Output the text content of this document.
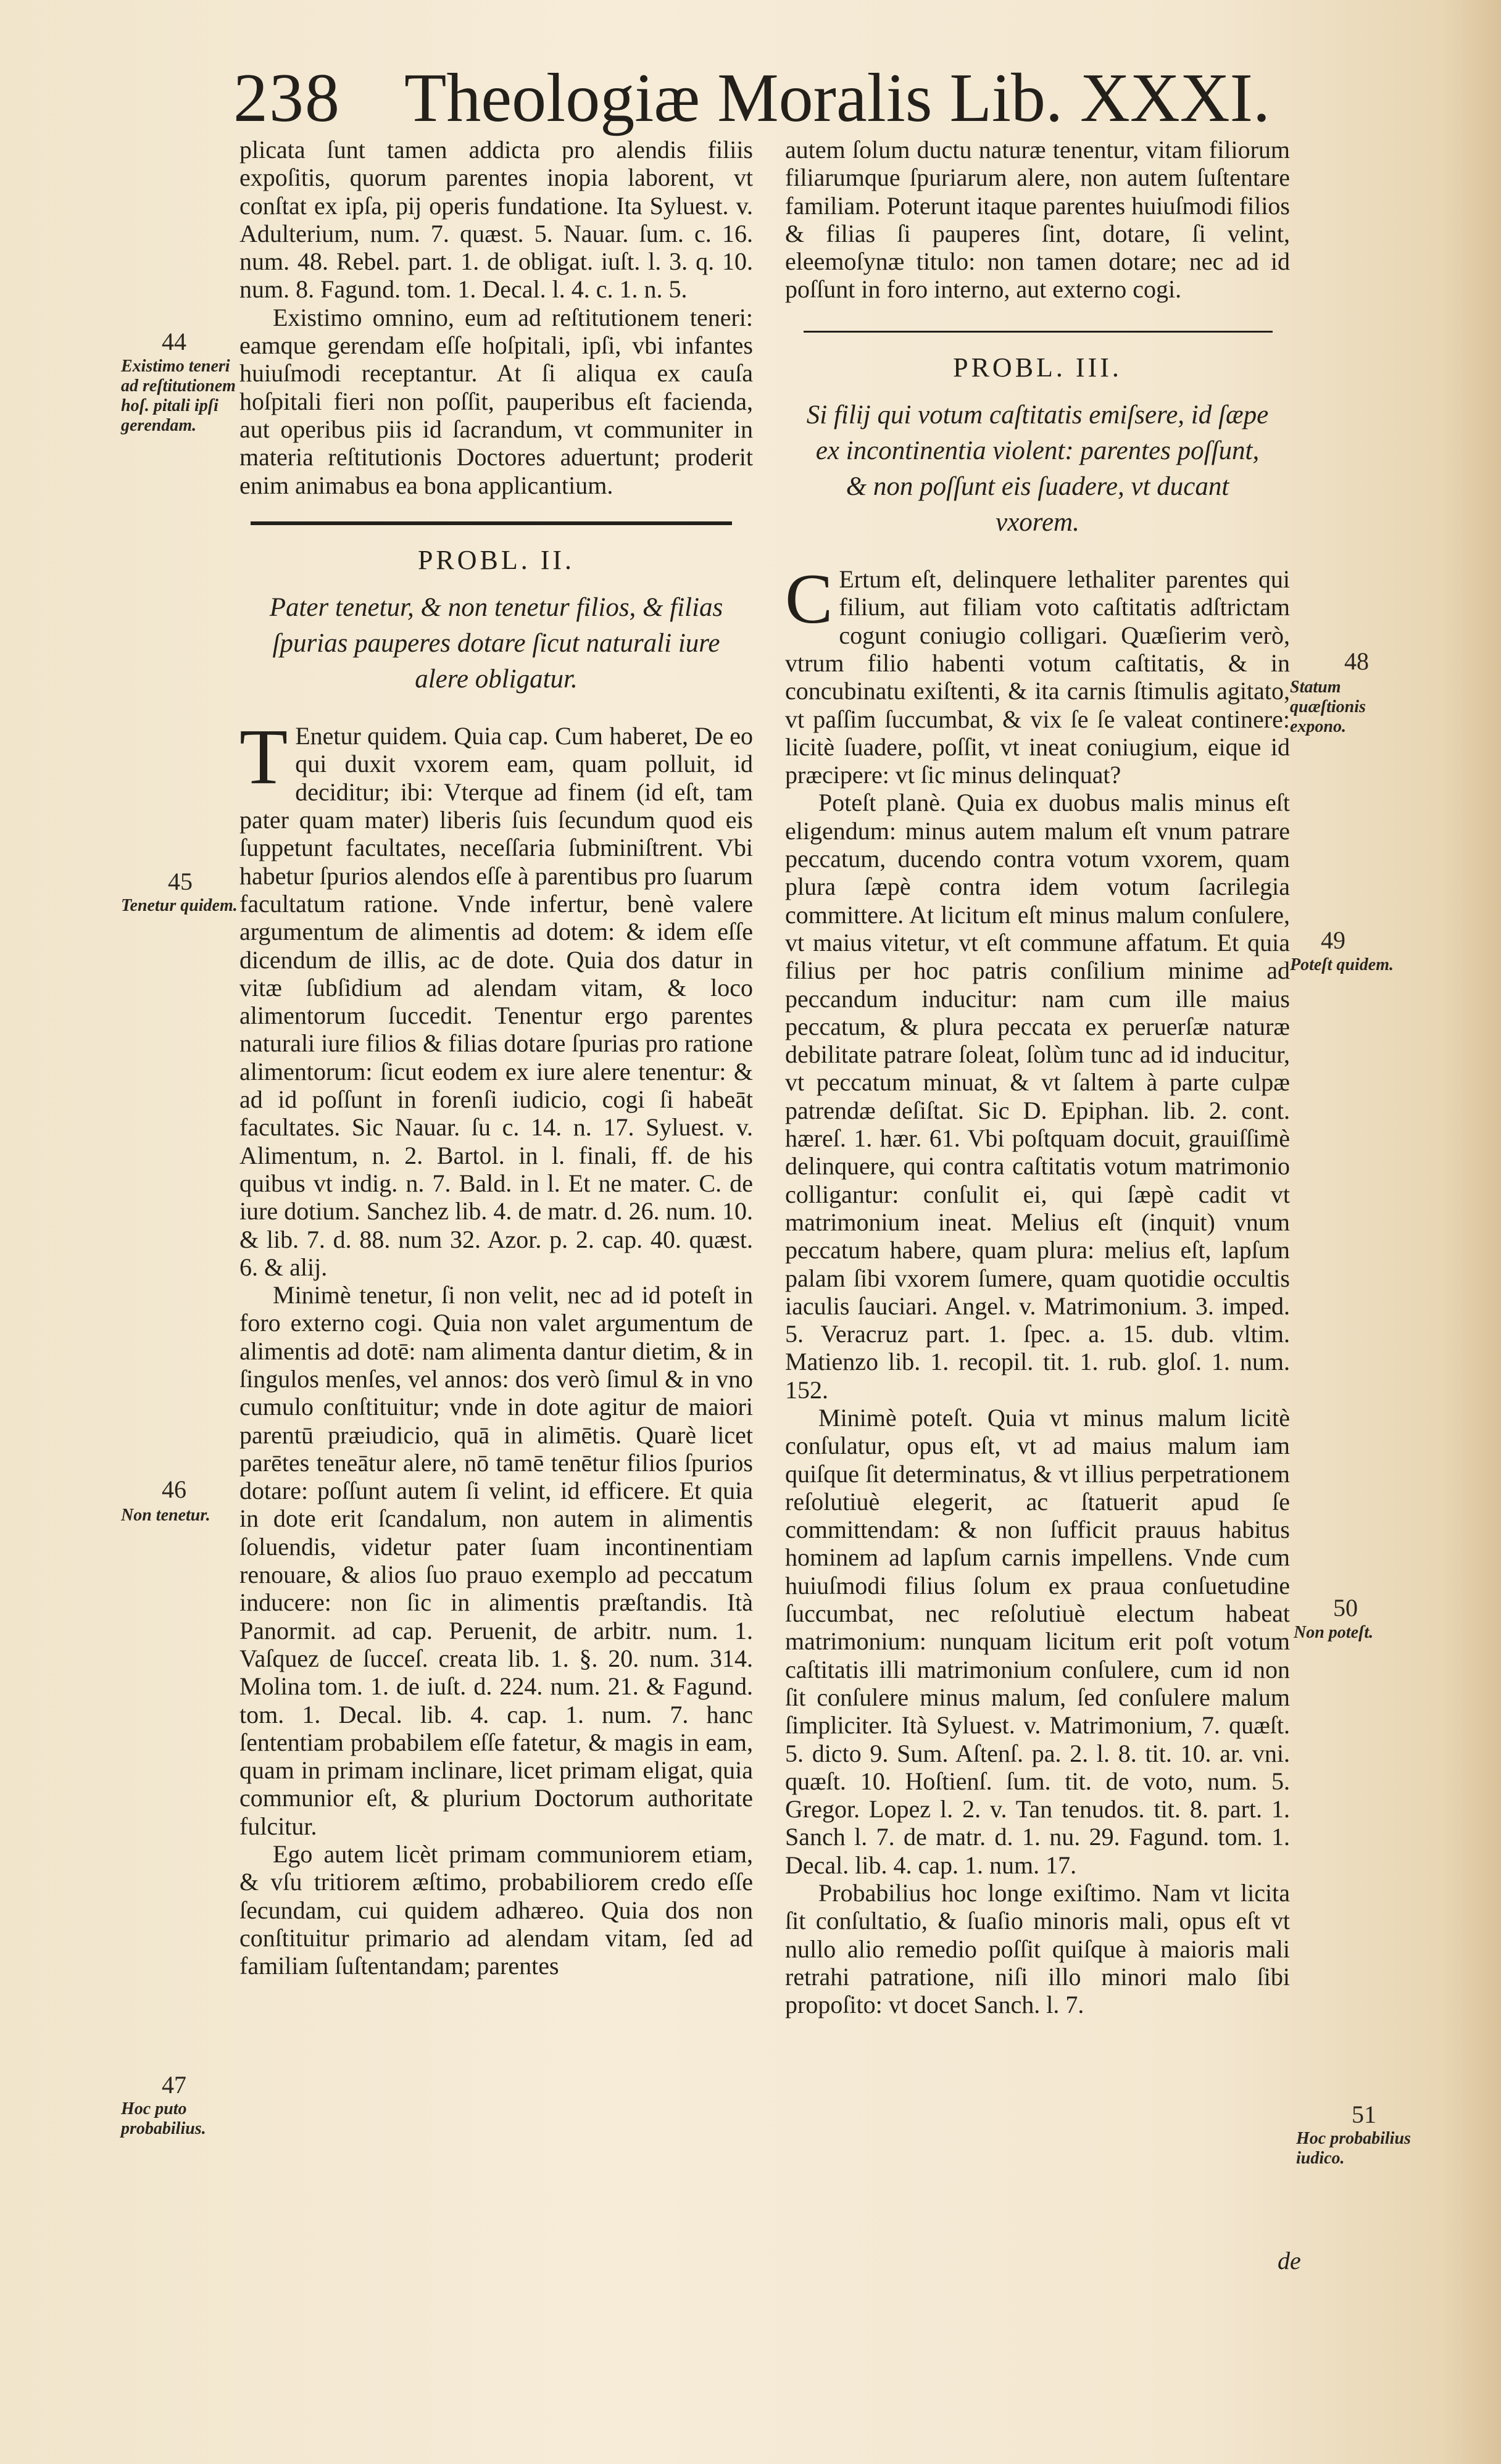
238 Theologiæ Moralis Lib. XXXI.

plicata ſunt tamen addicta pro alendis filiis expoſitis, quorum parentes inopia laborent, vt conſtat ex ipſa, pij operis fundatione. Ita Syluest. v. Adulterium, num. 7. quæst. 5. Nauar. ſum. c. 16. num. 48. Rebel. part. 1. de obligat. iuſt. l. 3. q. 10. num. 8. Fagund. tom. 1. Decal. l. 4. c. 1. n. 5.

Existimo omnino, eum ad reſtitutionem teneri: eamque gerendam eſſe hoſpitali, ipſi, vbi infantes huiuſmodi receptantur. At ſi aliqua ex cauſa hoſpitali fieri non poſſit, pauperibus eſt facienda, aut operibus piis id ſacrandum, vt communiter in materia reſtitutionis Doctores aduertunt; proderit enim animabus ea bona applicantium.

PROBL. II.
Pater tenetur, & non tenetur filios, & filias ſpurias pauperes dotare ſicut naturali iure alere obligatur.

T Enetur quidem. Quia cap. Cum haberet, De eo qui duxit vxorem eam, quam polluit, id deciditur; ibi: Vterque ad finem (id eſt, tam pater quam mater) liberis ſuis ſecundum quod eis ſuppetunt facultates, neceſſaria ſubminiſtrent. Vbi habetur ſpurios alendos eſſe à parentibus pro ſuarum facultatum ratione. Vnde infertur, benè valere argumentum de alimentis ad dotem: & idem eſſe dicendum de illis, ac de dote. Quia dos datur in vitæ ſubſidium ad alendam vitam, & loco alimentorum ſuccedit. Tenentur ergo parentes naturali iure filios & filias dotare ſpurias pro ratione alimentorum: ſicut eodem ex iure alere tenentur: & ad id poſſunt in forenſi iudicio, cogi ſi habeāt facultates. Sic Nauar. ſu c. 14. n. 17. Syluest. v. Alimentum, n. 2. Bartol. in l. finali, ff. de his quibus vt indig. n. 7. Bald. in l. Et ne mater. C. de iure dotium. Sanchez lib. 4. de matr. d. 26. num. 10. & lib. 7. d. 88. num 32. Azor. p. 2. cap. 40. quæst. 6. & alij.

Minimè tenetur, ſi non velit, nec ad id poteſt in foro externo cogi. Quia non valet argumentum de alimentis ad dotē: nam alimenta dantur dietim, & in ſingulos menſes, vel annos: dos verò ſimul & in vno cumulo conſtituitur; vnde in dote agitur de maiori parentū præiudicio, quā in alimētis. Quarè licet parētes teneātur alere, nō tamē tenētur filios ſpurios dotare: poſſunt autem ſi velint, id efficere. Et quia in dote erit ſcandalum, non autem in alimentis ſoluendis, videtur pater ſuam incontinentiam renouare, & alios ſuo prauo exemplo ad peccatum inducere: non ſic in alimentis præſtandis. Ità Panormit. ad cap. Peruenit, de arbitr. num. 1. Vaſquez de ſucceſ. creata lib. 1. §. 20. num. 314. Molina tom. 1. de iuſt. d. 224. num. 21. & Fagund. tom. 1. Decal. lib. 4. cap. 1. num. 7. hanc ſententiam probabilem eſſe fatetur, & magis in eam, quam in primam inclinare, licet primam eligat, quia communior eſt, & plurium Doctorum authoritate fulcitur.

Ego autem licèt primam communiorem etiam, & vſu tritiorem æſtimo, probabiliorem credo eſſe ſecundam, cui quidem adhæreo. Quia dos non conſtituitur primario ad alendam vitam, ſed ad familiam ſuſtentandam; parentes

autem ſolum ductu naturæ tenentur, vitam filiorum filiarumque ſpuriarum alere, non autem ſuſtentare familiam. Poterunt itaque parentes huiuſmodi filios & filias ſi pauperes ſint, dotare, ſi velint, eleemoſynæ titulo: non tamen dotare; nec ad id poſſunt in foro interno, aut externo cogi.

PROBL. III.
Si filij qui votum caſtitatis emiſsere, id ſæpe ex incontinentia violent: parentes poſſunt, & non poſſunt eis ſuadere, vt ducant vxorem.

C Ertum eſt, delinquere lethaliter parentes qui filium, aut filiam voto caſtitatis adſtrictam cogunt coniugio colligari. Quæſierim verò, vtrum filio habenti votum caſtitatis, & in concubinatu exiſtenti, & ita carnis ſtimulis agitato, vt paſſim ſuccumbat, & vix ſe ſe valeat continere: licitè ſuadere, poſſit, vt ineat coniugium, eique id præcipere: vt ſic minus delinquat?

Poteſt planè. Quia ex duobus malis minus eſt eligendum: minus autem malum eſt vnum patrare peccatum, ducendo contra votum vxorem, quam plura ſæpè contra idem votum ſacrilegia committere. At licitum eſt minus malum conſulere, vt maius vitetur, vt eſt commune affatum. Et quia filius per hoc patris conſilium minime ad peccandum inducitur: nam cum ille maius peccatum, & plura peccata ex peruerſæ naturæ debilitate patrare ſoleat, ſolùm tunc ad id inducitur, vt peccatum minuat, & vt ſaltem à parte culpæ patrendæ deſiſtat. Sic D. Epiphan. lib. 2. cont. hæreſ. 1. hær. 61. Vbi poſtquam docuit, grauiſſimè delinquere, qui contra caſtitatis votum matrimonio colligantur: conſulit ei, qui ſæpè cadit vt matrimonium ineat. Melius eſt (inquit) vnum peccatum habere, quam plura: melius eſt, lapſum palam ſibi vxorem ſumere, quam quotidie occultis iaculis ſauciari. Angel. v. Matrimonium. 3. imped. 5. Veracruz part. 1. ſpec. a. 15. dub. vltim. Matienzo lib. 1. recopil. tit. 1. rub. gloſ. 1. num. 152.

Minimè poteſt. Quia vt minus malum licitè conſulatur, opus eſt, vt ad maius malum iam quiſque ſit determinatus, & vt illius perpetrationem reſolutiuè elegerit, ac ſtatuerit apud ſe committendam: & non ſufficit prauus habitus hominem ad lapſum carnis impellens. Vnde cum huiuſmodi filius ſolum ex praua conſuetudine ſuccumbat, nec reſolutiuè electum habeat matrimonium: nunquam licitum erit poſt votum caſtitatis illi matrimonium conſulere, cum id non ſit conſulere minus malum, ſed conſulere malum ſimpliciter. Ità Syluest. v. Matrimonium, 7. quæſt. 5. dicto 9. Sum. Aſtenſ. pa. 2. l. 8. tit. 10. ar. vni. quæſt. 10. Hoſtienſ. ſum. tit. de voto, num. 5. Gregor. Lopez l. 2. v. Tan tenudos. tit. 8. part. 1. Sanch l. 7. de matr. d. 1. nu. 29. Fagund. tom. 1. Decal. lib. 4. cap. 1. num. 17.

Probabilius hoc longe exiſtimo. Nam vt licita ſit conſultatio, & ſuaſio minoris mali, opus eſt vt nullo alio remedio poſſit quiſque à maioris mali retrahi patratione, niſi illo minori malo ſibi propoſito: vt docet Sanch. l. 7.

44
Existimo teneri ad reſtitutionem hoſ. pitali ipſi gerendam.
45
Tenetur quidem.
46
Non tenetur.
47
Hoc puto probabilius.
48
Statum quæſtionis expono.
49
Poteſt quidem.
50
Non poteſt.
51
Hoc probabilius iudico.
de
